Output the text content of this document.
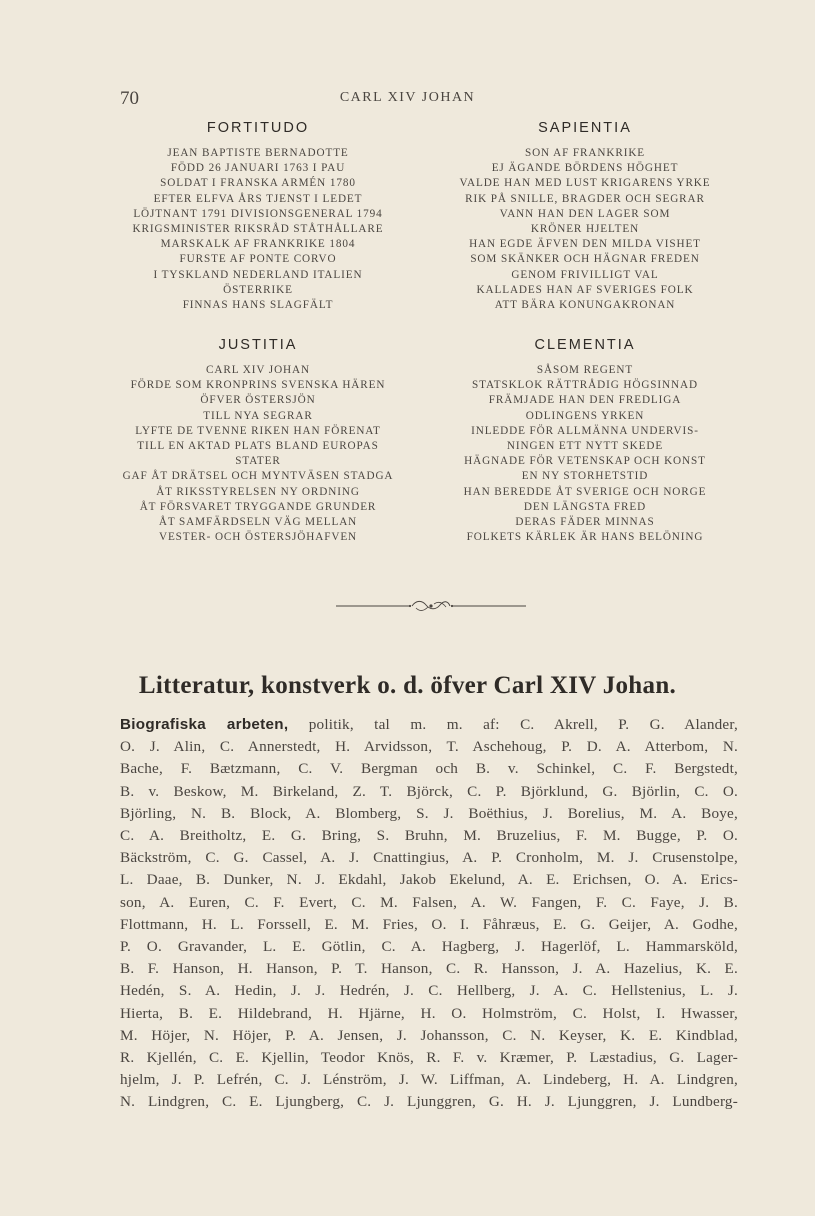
70	CARL XIV JOHAN
FORTITUDO
JEAN BAPTISTE BERNADOTTE
FÖDD 26 JANUARI 1763 I PAU
SOLDAT I FRANSKA ARMÉN 1780
EFTER ELFVA ÅRS TJENST I LEDET
LÖJTNANT 1791 DIVISIONSGENERAL 1794
KRIGSMINISTER RIKSRÅD STÅTHÅLLARE
MARSKALK AF FRANKRIKE 1804
FURSTE AF PONTE CORVO
I TYSKLAND NEDERLAND ITALIEN
ÖSTERRIKE
FINNAS HANS SLAGFÄLT
SAPIENTIA
SON AF FRANKRIKE
EJ ÄGANDE BÖRDENS HÖGHET
VALDE HAN MED LUST KRIGARENS YRKE
RIK PÅ SNILLE, BRAGDER OCH SEGRAR
VANN HAN DEN LAGER SOM
KRÖNER HJELTEN
HAN EGDE ÄFVEN DEN MILDA VISHET
SOM SKÄNKER OCH HÄGNAR FREDEN
GENOM FRIVILLIGT VAL
KALLADES HAN AF SVERIGES FOLK
ATT BÄRA KONUNGAKRONAN
JUSTITIA
CARL XIV JOHAN
FÖRDE SOM KRONPRINS SVENSKA HÄREN
ÖFVER ÖSTERSJÖN
TILL NYA SEGRAR
LYFTE DE TVENNE RIKEN HAN FÖRENAT
TILL EN AKTAD PLATS BLAND EUROPAS
STATER
GAF ÅT DRÄTSEL OCH MYNTVÄSEN STADGA
ÅT RIKSSTYRELSEN NY ORDNING
ÅT FÖRSVARET TRYGGANDE GRUNDER
ÅT SAMFÄRDSELN VÄG MELLAN
VESTER- OCH ÖSTERSJÖHAFVEN
CLEMENTIA
SÅSOM REGENT
STATSKLOK RÄTTRÅDIG HÖGSINNAD
FRÄMJADE HAN DEN FREDLIGA
ODLINGENS YRKEN
INLEDDE FÖR ALLMÄNNA UNDERVIS-
NINGEN ETT NYTT SKEDE
HÄGNADE FÖR VETENSKAP OCH KONST
EN NY STORHETSTID
HAN BEREDDE ÅT SVERIGE OCH NORGE
DEN LÄNGSTA FRED
DERAS FÄDER MINNAS
FOLKETS KÄRLEK ÄR HANS BELÖNING
Litteratur, konstverk o. d. öfver Carl XIV Johan.
Biografiska arbeten, politik, tal m. m. af: C. Akrell, P. G. Alander,
O. J. Alin, C. Annerstedt, H. Arvidsson, T. Aschehoug, P. D. A. Atterbom, N.
Bache, F. Bætzmann, C. V. Bergman och B. v. Schinkel, C. F. Bergstedt,
B. v. Beskow, M. Birkeland, Z. T. Björck, C. P. Björklund, G. Björlin, C. O.
Björling, N. B. Block, A. Blomberg, S. J. Boëthius, J. Borelius, M. A. Boye,
C. A. Breitholtz, E. G. Bring, S. Bruhn, M. Bruzelius, F. M. Bugge, P. O.
Bäckström, C. G. Cassel, A. J. Cnattingius, A. P. Cronholm, M. J. Crusenstolpe,
L. Daae, B. Dunker, N. J. Ekdahl, Jakob Ekelund, A. E. Erichsen, O. A. Erics-
son, A. Euren, C. F. Evert, C. M. Falsen, A. W. Fangen, F. C. Faye, J. B.
Flottmann, H. L. Forssell, E. M. Fries, O. I. Fåhræus, E. G. Geijer, A. Godhe,
P. O. Gravander, L. E. Götlin, C. A. Hagberg, J. Hagerlöf, L. Hammarsköld,
B. F. Hanson, H. Hanson, P. T. Hanson, C. R. Hansson, J. A. Hazelius, K. E.
Hedén, S. A. Hedin, J. J. Hedrén, J. C. Hellberg, J. A. C. Hellstenius, L. J.
Hierta, B. E. Hildebrand, H. Hjärne, H. O. Holmström, C. Holst, I. Hwasser,
M. Höjer, N. Höjer, P. A. Jensen, J. Johansson, C. N. Keyser, K. E. Kindblad,
R. Kjellén, C. E. Kjellin, Teodor Knös, R. F. v. Kræmer, P. Læstadius, G. Lager-
hjelm, J. P. Lefrén, C. J. Lénström, J. W. Liffman, A. Lindeberg, H. A. Lindgren,
N. Lindgren, C. E. Ljungberg, C. J. Ljunggren, G. H. J. Ljunggren, J. Lundberg-
